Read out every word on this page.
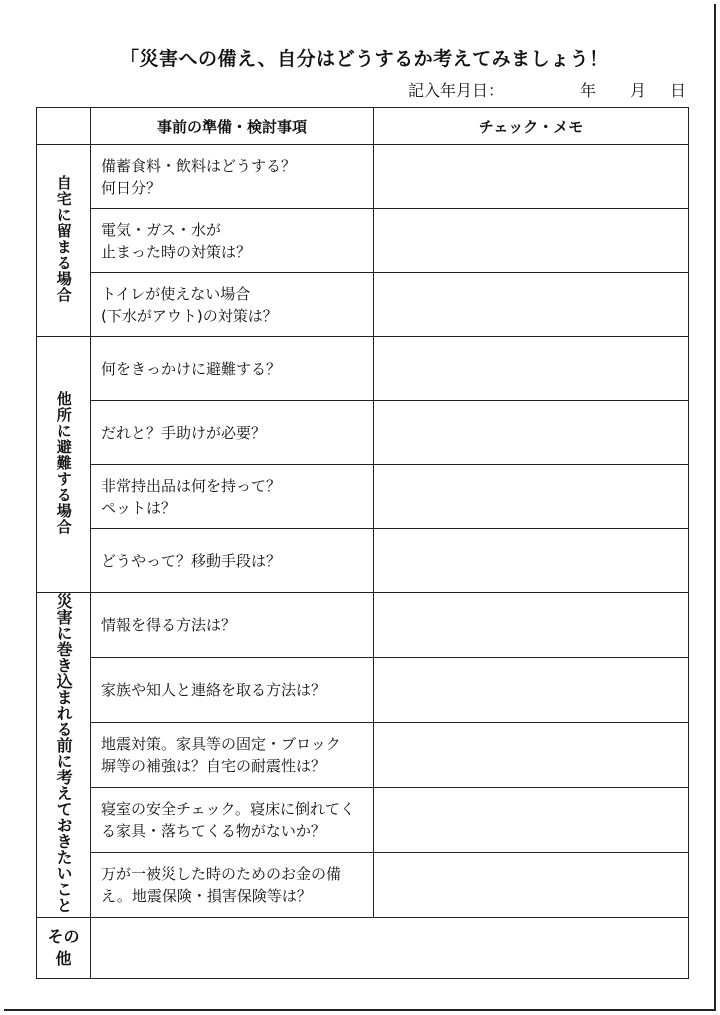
「災害への備え、自分はどうするか考えてみましょう！
記入年月日：	年 月 日
	事前の準備・検討事項	チェック・メモ
自宅に留まる場合	備蓄食料・飲料はどうする？
何日分？	

	電気・ガス・水が
止まった時の対策は？	

	トイレが使えない場合
(下水がアウト)の対策は？	

他所に避難する場合	何をきっかけに避難する？	

	だれと？手助けが必要？	

	非常持出品は何を持って？
ペットは？	

	どうやって？移動手段は？	

災害に巻き込まれる前に考えておきたいこと	情報を得る方法は？	

	家族や知人と連絡を取る方法は？	

	地震対策。家具等の固定・ブロック
塀等の補強は？自宅の耐震性は？	

	寝室の安全チェック。寝床に倒れてく
る家具・落ちてくる物がないか？	

	万が一被災した時のためのお金の備
え。地震保険・損害保険等は？	

その
他		
